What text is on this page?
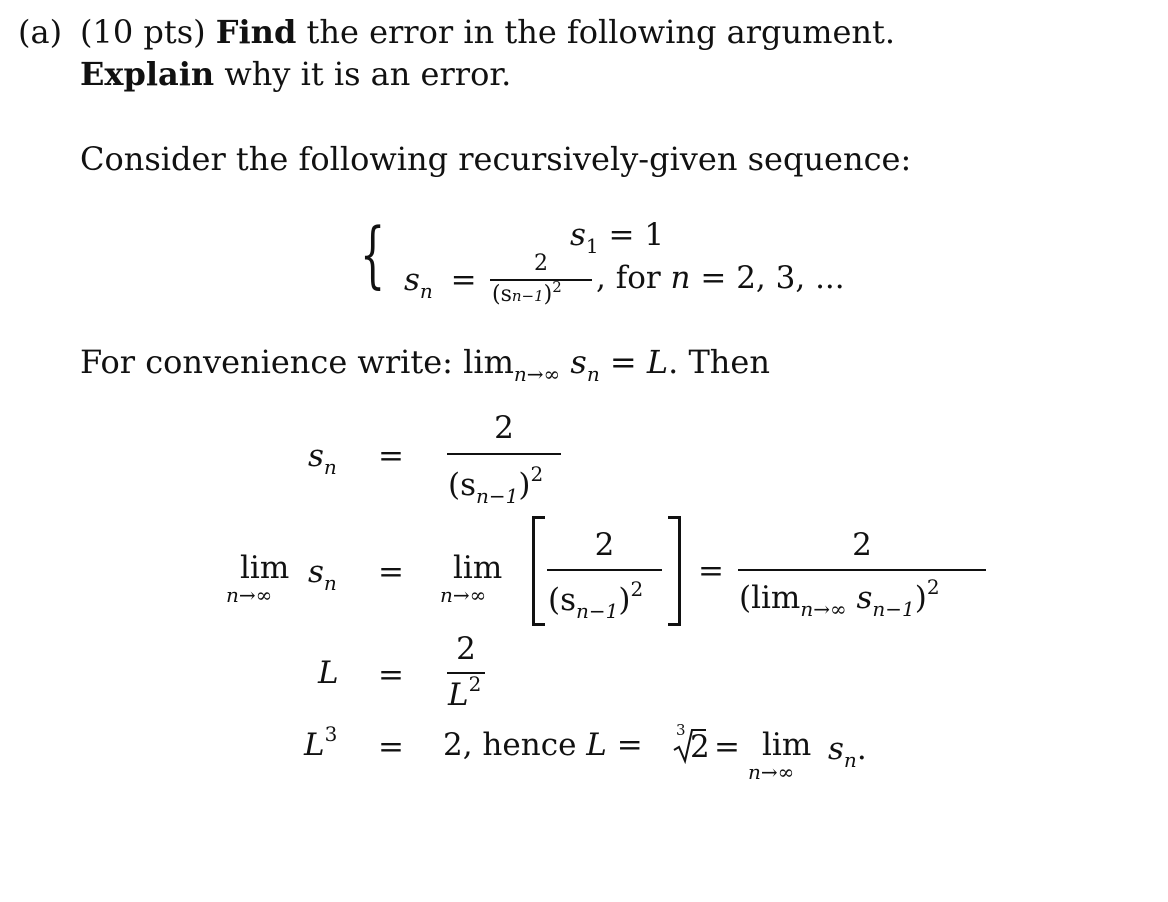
(a) (10 pts) Find the error in the following argument.
Explain why it is an error.
Consider the following recursively-given sequence:
{	$s_1 = 1$
$s_n$ =	2
$(sn-1)^2$ , for n = 2, 3, ...
For convenience write: $\lim_{n\to\infty} s_n = L$. Then
$s_n$ =
2
$(s_{n-1})^2$
lim
n→∞
$s_n = \lim$
n→∞
2
$(s_{n-1})^2$ =
2
($\lim_{n\to\infty}$ $s_{n-1})^2$
L =
2
$L^2$
$L^3 = 2$, hence L = 3 2 = lim
n→∞
$s_n$.
